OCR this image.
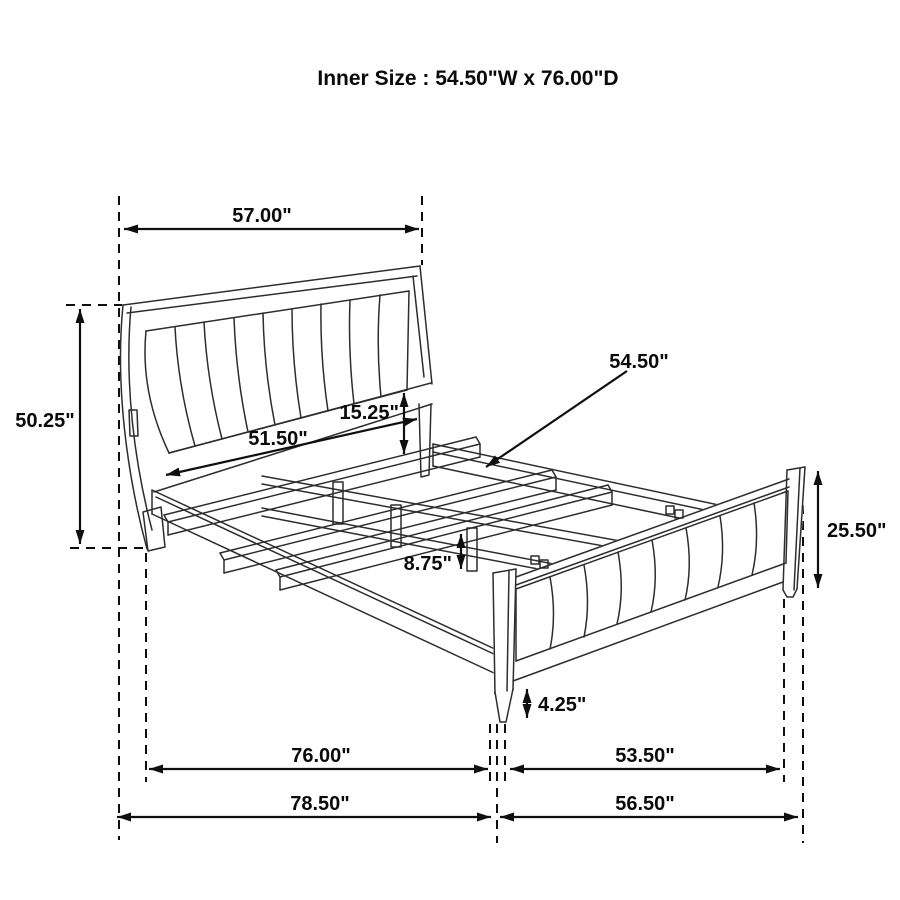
Inner Size : 54.50"W x 76.00"D
57.00"
50.25"
51.50"
15.25"
54.50"
8.75"
25.50"
4.25"
76.00"	53.50"
78.50"	56.50"
